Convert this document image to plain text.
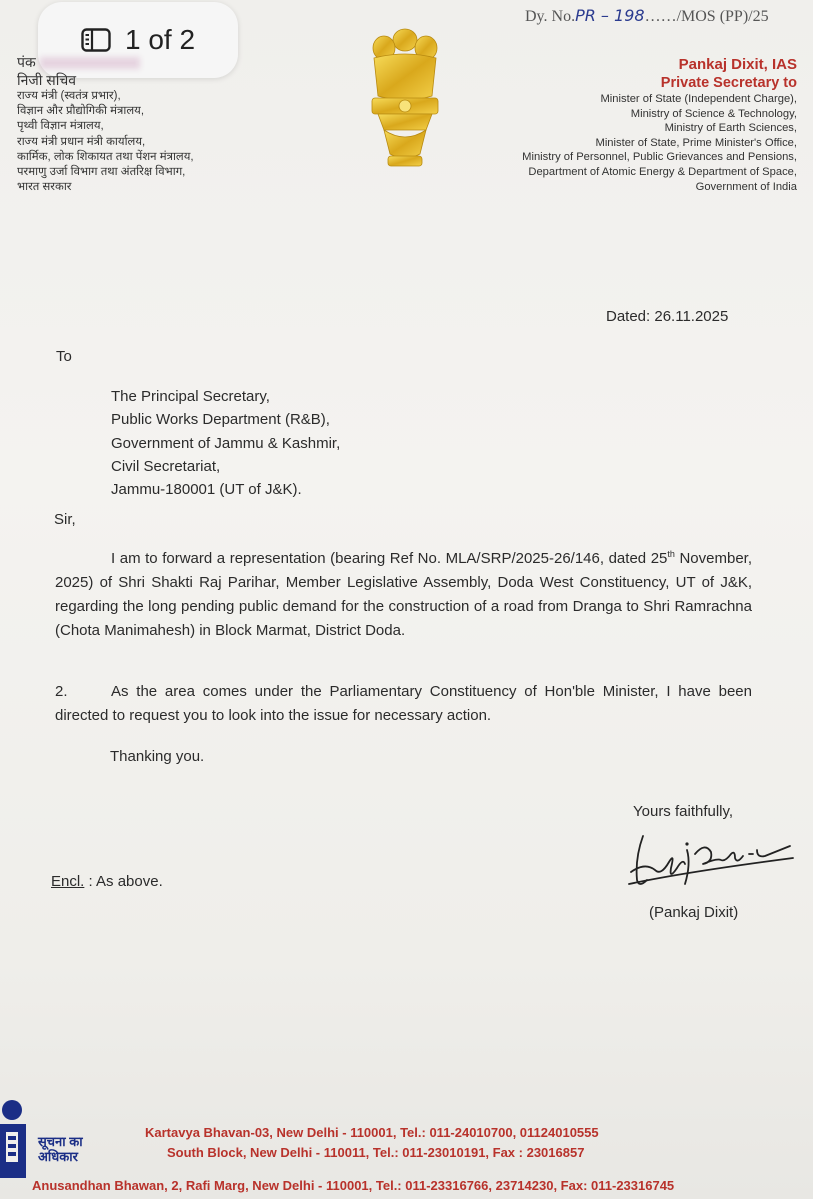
1 of 2
Dy. No.PR – 198……/MOS (PP)/25
पंक
निजी सचिव
राज्य मंत्री (स्वतंत्र प्रभार),
विज्ञान और प्रौद्योगिकी मंत्रालय,
पृथ्वी विज्ञान मंत्रालय,
राज्य मंत्री प्रधान मंत्री कार्यालय,
कार्मिक, लोक शिकायत तथा पेंशन मंत्रालय,
परमाणु उर्जा विभाग तथा अंतरिक्ष विभाग,
भारत सरकार
Pankaj Dixit, IAS
Private Secretary to
Minister of State (Independent Charge),
Ministry of Science & Technology,
Ministry of Earth Sciences,
Minister of State, Prime Minister's Office,
Ministry of Personnel, Public Grievances and Pensions,
Department of Atomic Energy & Department of Space,
Government of India
Dated: 26.11.2025
To
The Principal Secretary,
Public Works Department (R&B),
Government of Jammu & Kashmir,
Civil Secretariat,
Jammu-180001 (UT of J&K).
Sir,
I am to forward a representation (bearing Ref No. MLA/SRP/2025-26/146, dated 25th November, 2025) of Shri Shakti Raj Parihar, Member Legislative Assembly, Doda West Constituency, UT of J&K, regarding the long pending public demand for the construction of a road from Dranga to Shri Ramrachna (Chota Manimahesh) in Block Marmat, District Doda.
2.	As the area comes under the Parliamentary Constituency of Hon'ble Minister, I have been directed to request you to look into the issue for necessary action.
Thanking you.
Yours faithfully,
Encl. : As above.
(Pankaj Dixit)
सूचना का
अधिकार
Kartavya Bhavan-03, New Delhi - 110001, Tel.: 011-24010700, 01124010555
South Block, New Delhi - 110011, Tel.: 011-23010191, Fax : 23016857
Anusandhan Bhawan, 2, Rafi Marg, New Delhi - 110001, Tel.: 011-23316766, 23714230, Fax: 011-23316745
